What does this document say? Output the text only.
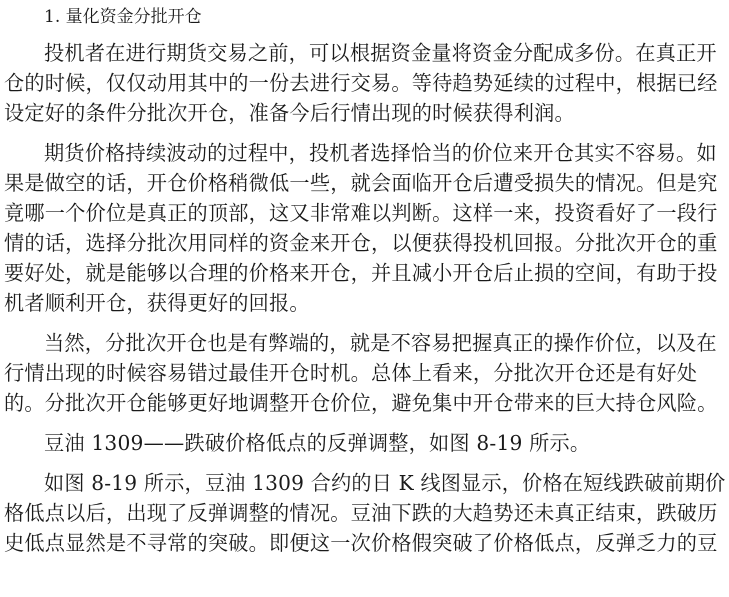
1. 量化资金分批开仓
投机者在进行期货交易之前，可以根据资金量将资金分配成多份。在真正开
仓的时候，仅仅动用其中的一份去进行交易。等待趋势延续的过程中，根据已经
设定好的条件分批次开仓，准备今后行情出现的时候获得利润。
期货价格持续波动的过程中，投机者选择恰当的价位来开仓其实不容易。如
果是做空的话，开仓价格稍微低一些，就会面临开仓后遭受损失的情况。但是究
竟哪一个价位是真正的顶部，这又非常难以判断。这样一来，投资看好了一段行
情的话，选择分批次用同样的资金来开仓，以便获得投机回报。分批次开仓的重
要好处，就是能够以合理的价格来开仓，并且减小开仓后止损的空间，有助于投
机者顺利开仓，获得更好的回报。
当然，分批次开仓也是有弊端的，就是不容易把握真正的操作价位，以及在
行情出现的时候容易错过最佳开仓时机。总体上看来，分批次开仓还是有好处
的。分批次开仓能够更好地调整开仓价位，避免集中开仓带来的巨大持仓风险。
豆油 1309——跌破价格低点的反弹调整，如图 8-19 所示。
如图 8-19 所示，豆油 1309 合约的日 K 线图显示，价格在短线跌破前期价
格低点以后，出现了反弹调整的情况。豆油下跌的大趋势还未真正结束，跌破历
史低点显然是不寻常的突破。即便这一次价格假突破了价格低点，反弹乏力的豆
